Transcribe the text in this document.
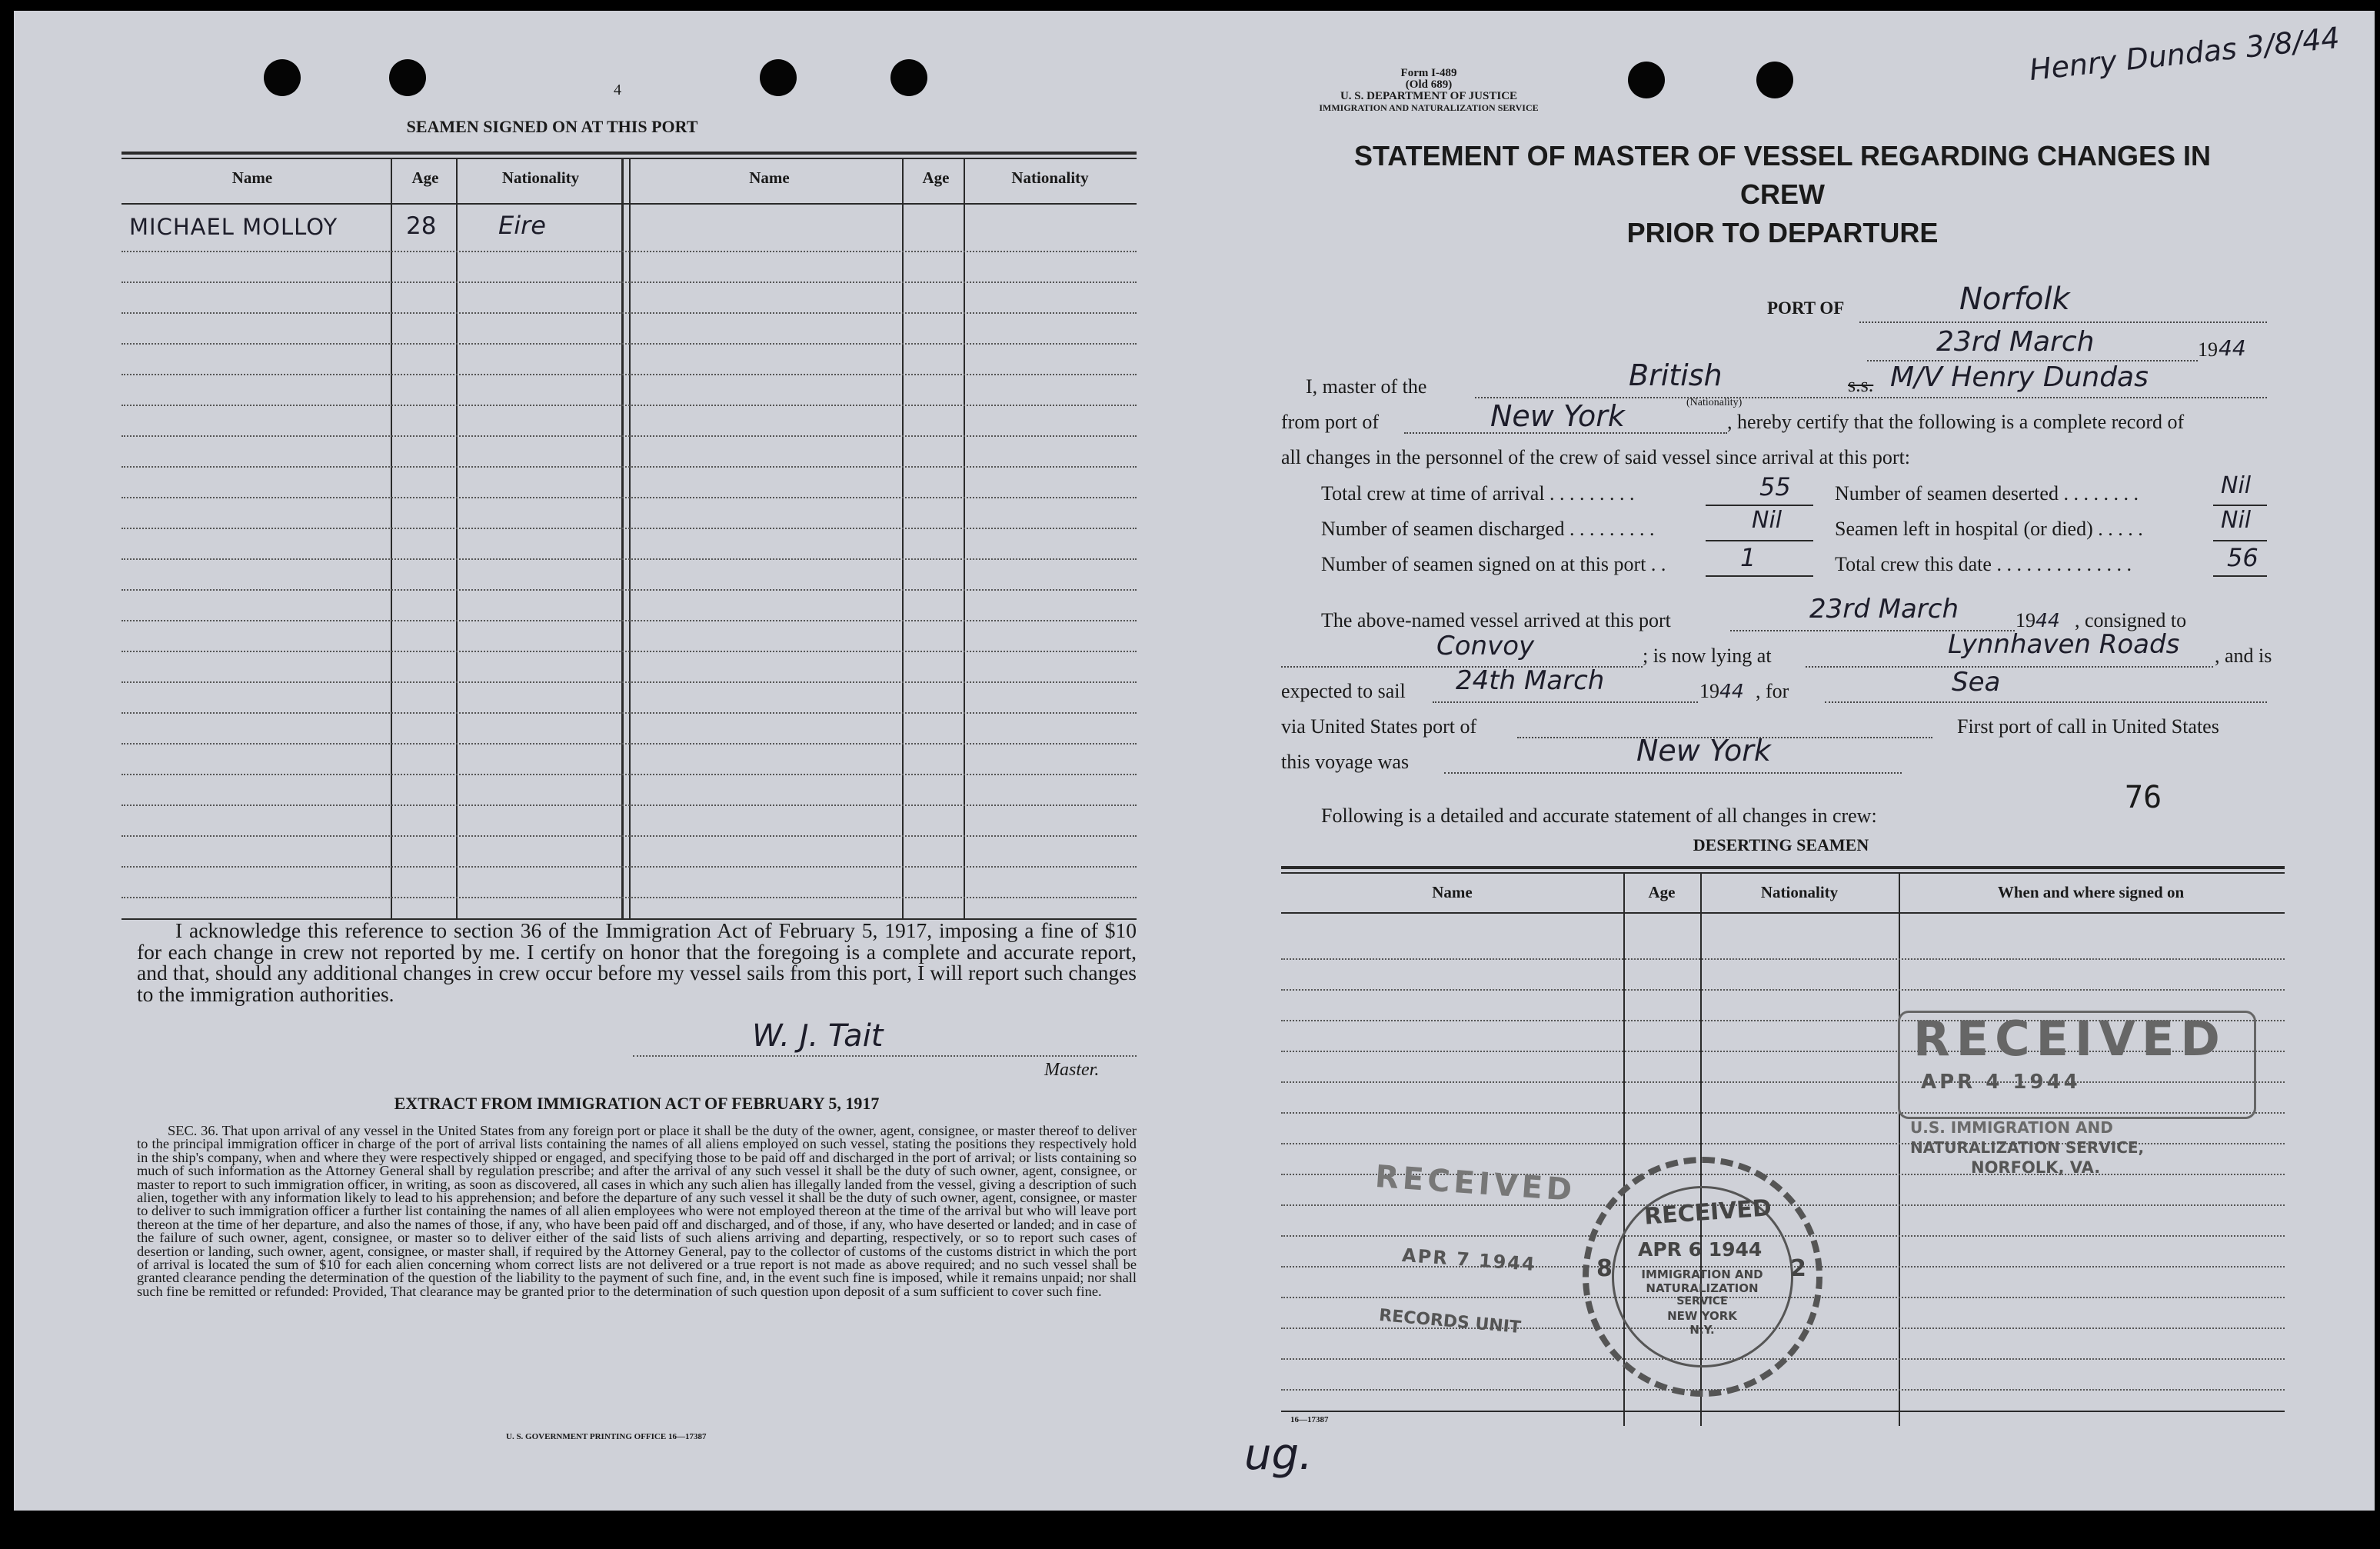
4
SEAMEN SIGNED ON AT THIS PORT
Name	Age	Nationality	Name	Age	Nationality
MICHAEL MOLLOY	28	Eire
I acknowledge this reference to section 36 of the Immigration Act of February 5, 1917, imposing a fine of $10 for each change in crew not reported by me. I certify on honor that the foregoing is a complete and accurate report, and that, should any additional changes in crew occur before my vessel sails from this port, I will report such changes to the immigration authorities.
W. J. Tait
Master.
EXTRACT FROM IMMIGRATION ACT OF FEBRUARY 5, 1917
SEC. 36. That upon arrival of any vessel in the United States from any foreign port or place it shall be the duty of the owner, agent, consignee, or master thereof to deliver to the principal immigration officer in charge of the port of arrival lists containing the names of all aliens employed on such vessel, stating the positions they respectively hold in the ship's company, when and where they were respectively shipped or engaged, and specifying those to be paid off and discharged in the port of arrival; or lists containing so much of such information as the Attorney General shall by regulation prescribe; and after the arrival of any such vessel it shall be the duty of such owner, agent, consignee, or master to report to such immigration officer, in writing, as soon as discovered, all cases in which any such alien has illegally landed from the vessel, giving a description of such alien, together with any information likely to lead to his apprehension; and before the departure of any such vessel it shall be the duty of such owner, agent, consignee, or master to deliver to such immigration officer a further list containing the names of all alien employees who were not employed thereon at the time of the arrival but who will leave port thereon at the time of her departure, and also the names of those, if any, who have been paid off and discharged, and of those, if any, who have deserted or landed; and in case of the failure of such owner, agent, consignee, or master so to deliver either of the said lists of such aliens arriving and departing, respectively, or so to report such cases of desertion or landing, such owner, agent, consignee, or master shall, if required by the Attorney General, pay to the collector of customs of the customs district in which the port of arrival is located the sum of $10 for each alien concerning whom correct lists are not delivered or a true report is not made as above required; and no such vessel shall be granted clearance pending the determination of the question of the liability to the payment of such fine, and, in the event such fine is imposed, while it remains unpaid; nor shall such fine be remitted or refunded: Provided, That clearance may be granted prior to the determination of such question upon deposit of a sum sufficient to cover such fine.
U. S. GOVERNMENT PRINTING OFFICE 16—17387
Form I-489
(Old 689)
U. S. DEPARTMENT OF JUSTICE
IMMIGRATION AND NATURALIZATION SERVICE
Henry Dundas 3/8/44
STATEMENT OF MASTER OF VESSEL REGARDING CHANGES IN CREW
PRIOR TO DEPARTURE
PORT OF	Norfolk
23rd March	19 44
I, master of the	British
(Nationality)
s.s. M/V Henry Dundas
from port of	New York	, hereby certify that the following is a complete record of
all changes in the personnel of the crew of said vessel since arrival at this port:
Total crew at time of arrival . . . . . . . . .	55
Number of seamen discharged . . . . . . . . .	Nil
Number of seamen signed on at this port . .	1
Number of seamen deserted . . . . . . . .	Nil
Seamen left in hospital (or died) . . . . .	Nil
Total crew this date . . . . . . . . . . . . . .	56
The above-named vessel arrived at this port	23rd March	1944 , consigned to
Convoy	; is now lying at	Lynnhaven Roads , and is
expected to sail 24th March	1944 , for	Sea
via United States port of	First port of call in United States
this voyage was	New York
Following is a detailed and accurate statement of all changes in crew:
76
DESERTING SEAMEN
Name	Age	Nationality	When and where signed on
RECEIVED
APR 4 1944
U.S. IMMIGRATION AND
NATURALIZATION SERVICE,
NORFOLK, VA.
RECEIVED
APR 7 1944
RECORDS UNIT
RECEIVED
APR 6 1944
IMMIGRATION AND
NATURALIZATION
SERVICE
NEW YORK
N.Y.
8	2
16—17387
ug.
